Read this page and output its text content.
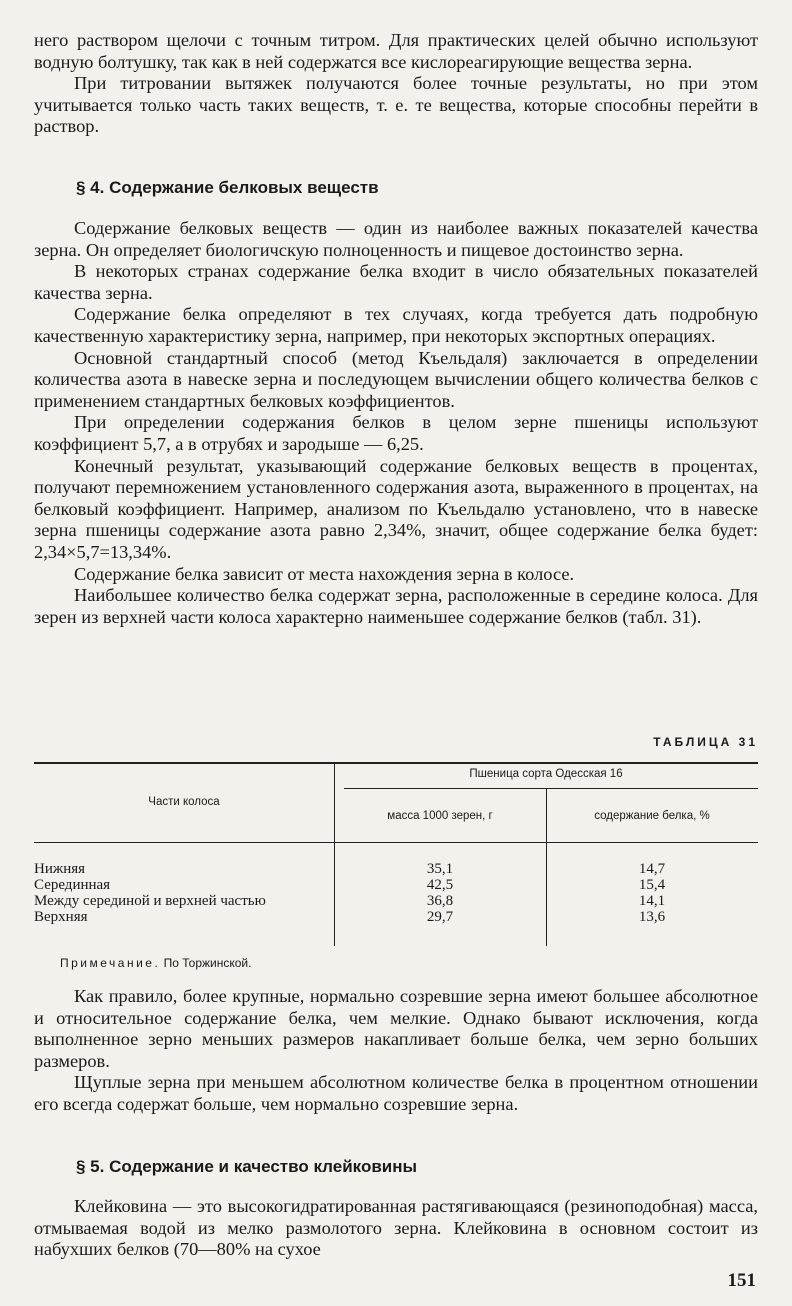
него раствором щелочи с точным титром. Для практических целей обычно используют водную болтушку, так как в ней содержатся все кислореагирующие вещества зерна.

При титровании вытяжек получаются более точные результаты, но при этом учитывается только часть таких веществ, т. е. те вещества, которые способны перейти в раствор.

§ 4. Содержание белковых веществ

Содержание белковых веществ — один из наиболее важных показателей качества зерна. Он определяет биологичскую полноценность и пищевое достоинство зерна.

В некоторых странах содержание белка входит в число обязательных показателей качества зерна.

Содержание белка определяют в тех случаях, когда требуется дать подробную качественную характеристику зерна, например, при некоторых экспортных операциях.

Основной стандартный способ (метод Къельдаля) заключается в определении количества азота в навеске зерна и последующем вычислении общего количества белков с применением стандартных белковых коэффициентов.

При определении содержания белков в целом зерне пшеницы используют коэффициент 5,7, а в отрубях и зародыше — 6,25.

Конечный результат, указывающий содержание белковых веществ в процентах, получают перемножением установленного содержания азота, выраженного в процентах, на белковый коэффициент. Например, анализом по Къельдалю установлено, что в навеске зерна пшеницы содержание азота равно 2,34%, значит, общее содержание белка будет: 2,34×5,7=13,34%.

Содержание белка зависит от места нахождения зерна в колосе.

Наибольшее количество белка содержат зерна, расположенные в середине колоса. Для зерен из верхней части колоса характерно наименьшее содержание белков (табл. 31).

ТАБЛИЦА 31
Части колоса
Пшеница сорта Одесская 16
масса 1000 зерен, г	содержание белка, %
Нижняя	35,1	14,7
Серединная	42,5	15,4
Между серединой и верхней частью	36,8	14,1
Верхняя	29,7	13,6
Примечание. По Торжинской.

Как правило, более крупные, нормально созревшие зерна имеют большее абсолютное и относительное содержание белка, чем мелкие. Однако бывают исключения, когда выполненное зерно меньших размеров накапливает больше белка, чем зерно больших размеров.

Щуплые зерна при меньшем абсолютном количестве белка в процентном отношении его всегда содержат больше, чем нормально созревшие зерна.

§ 5. Содержание и качество клейковины

Клейковина — это высокогидратированная растягивающаяся (резиноподобная) масса, отмываемая водой из мелко размолотого зерна. Клейковина в основном состоит из набухших белков (70—80% на сухое

151
